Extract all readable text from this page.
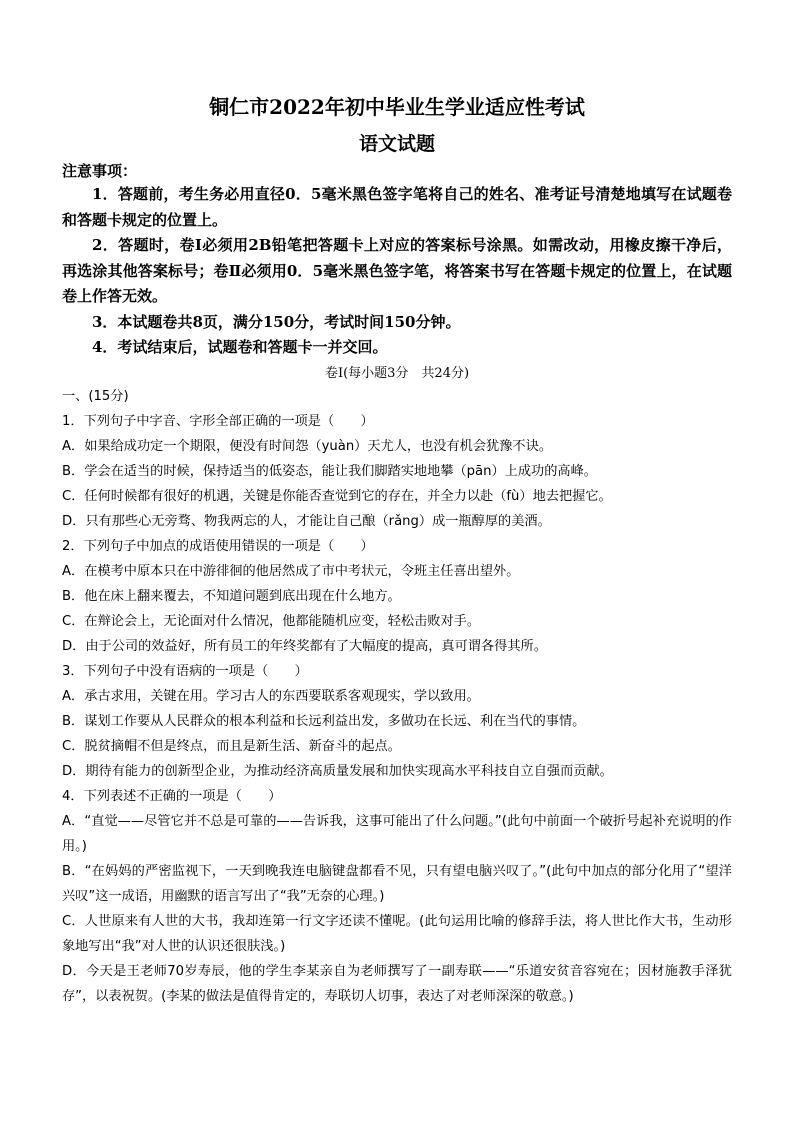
铜仁市2022年初中毕业生学业适应性考试
语文试题

注意事项：

1．答题前，考生务必用直径0．5毫米黑色签字笔将自己的姓名、准考证号清楚地填写在试题卷和答题卡规定的位置上。

2．答题时，卷Ⅰ必须用2B铅笔把答题卡上对应的答案标号涂黑。如需改动，用橡皮擦干净后，再选涂其他答案标号；卷Ⅱ必须用0．5毫米黑色签字笔，将答案书写在答题卡规定的位置上，在试题卷上作答无效。

3．本试题卷共8页，满分150分，考试时间150分钟。

4．考试结束后，试题卷和答题卡一并交回。

卷Ⅰ(每小题3分　共24分)

一、(15分)

1．下列句子中字音、字形全部正确的一项是（　　）

A．如果给成功定一个期限，便没有时间怨（yuàn）天尤人，也没有机会犹豫不诀。

B．学会在适当的时候，保持适当的低姿态，能让我们脚踏实地地攀（pān）上成功的高峰。

C．任何时候都有很好的机遇，关键是你能否查觉到它的存在，并全力以赴（fù）地去把握它。

D．只有那些心无旁骛、物我两忘的人，才能让自己酿（rǎng）成一瓶醇厚的美酒。

2．下列句子中加点的成语使用错误的一项是（　　）

A．在模考中原本只在中游徘徊的他居然成了市中考状元，令班主任喜出望外。

B．他在床上翻来覆去，不知道问题到底出现在什么地方。

C．在辩论会上，无论面对什么情况，他都能随机应变，轻松击败对手。

D．由于公司的效益好，所有员工的年终奖都有了大幅度的提高，真可谓各得其所。

3．下列句子中没有语病的一项是（　　）

A．承古求用，关键在用。学习古人的东西要联系客观现实，学以致用。

B．谋划工作要从人民群众的根本利益和长远利益出发，多做功在长远、利在当代的事情。

C．脱贫摘帽不但是终点，而且是新生活、新奋斗的起点。

D．期待有能力的创新型企业，为推动经济高质量发展和加快实现高水平科技自立自强而贡献。

4．下列表述不正确的一项是（　　）

A．“直觉——尽管它并不总是可靠的——告诉我，这事可能出了什么问题。”(此句中前面一个破折号起补充说明的作用。)

B．“在妈妈的严密监视下，一天到晚我连电脑键盘都看不见，只有望电脑兴叹了。”(此句中加点的部分化用了“望洋兴叹”这一成语，用幽默的语言写出了“我”无奈的心理。)

C．人世原来有人世的大书，我却连第一行文字还读不懂呢。(此句运用比喻的修辞手法，将人世比作大书，生动形象地写出“我”对人世的认识还很肤浅。)

D．今天是王老师70岁寿辰，他的学生李某亲自为老师撰写了一副寿联——“乐道安贫音容宛在；因材施教手泽犹存”，以表祝贺。(李某的做法是值得肯定的，寿联切人切事，表达了对老师深深的敬意。)
